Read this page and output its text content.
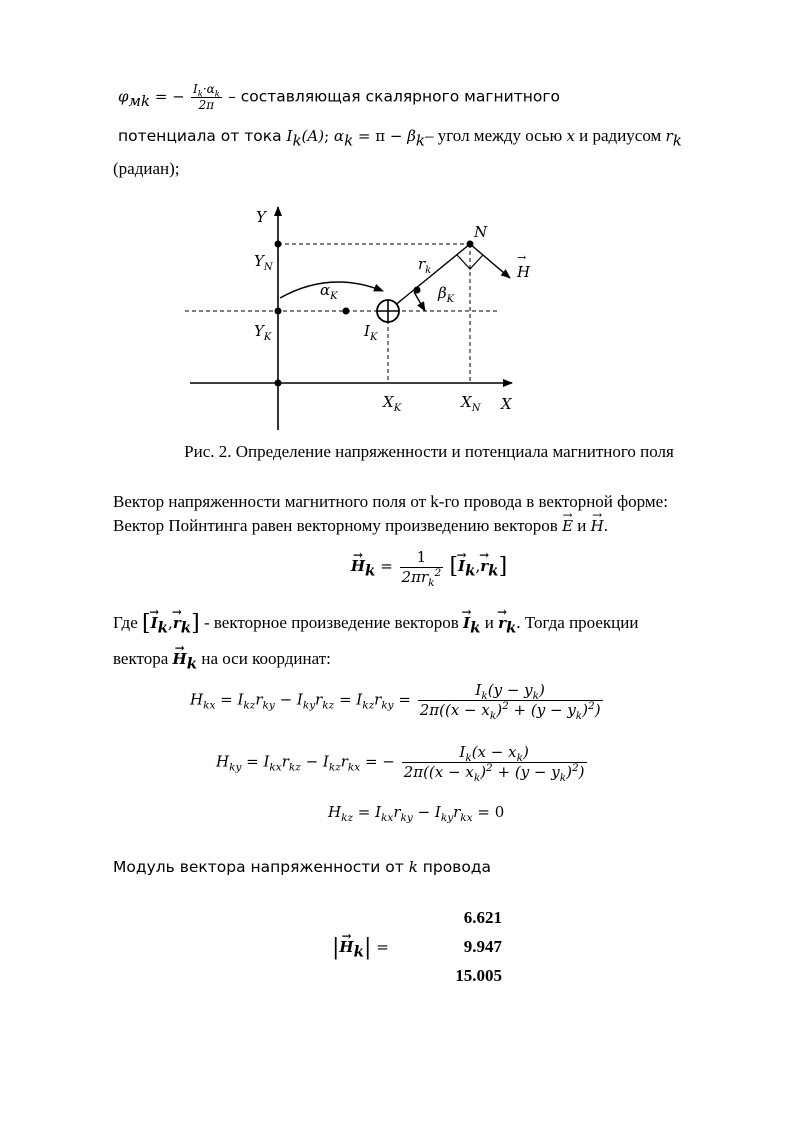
$\varphi_{мk}$ = − $\frac{I_k\cdot\alpha_k}{2\pi}$ – составляющая скалярного магнитного
потенциала от тока $I_k(A)$; $\alpha_k = \pi - \beta_k-$ угол между осью x и радиусом $r_k$
(радиан);
Y
X
N
H
→
$r_k$
$\alpha_K$	$\beta_K$
$I_K$
$Y_N$
$Y_K$
$X_K$	$X_N$
Рис. 2. Определение напряженности и потенциала магнитного поля
Вектор напряженности магнитного поля от k-го провода в векторной форме:
Вектор Пойнтинга равен векторному произведению векторов → E и → H.
→ $H_k = \frac{1}{2\pi r_k^2}$ [→ $I_k,\to r_k$]
Где [→ $I_k,\to r_k$] - векторное произведение векторов → $I_k$ $и \to r_k$. Тогда проекции
вектора → $H_k$ на оси координат:
$H_{kx} = I_{kz}r_{ky} - I_{ky}r_{kz} = I_{kz}r_{ky} = \frac{I_k(y - y_k)}{2\pi((x - x_k)^2 + (y - y_k)^2)}$
$H_{ky} = I_{kx}r_{kz} - I_{kz}r_{kx}$ = − $\frac{I_k(x - x_k)}{2\pi((x - x_k)^2 + (y - y_k)^2)}$
$H_{kz} = I_{kx}r_{ky} - I_{ky}r_{kx} = 0$
Модуль вектора напряженности от k провода
|→ $H_k|$ =
6.621
9.947
15.005
